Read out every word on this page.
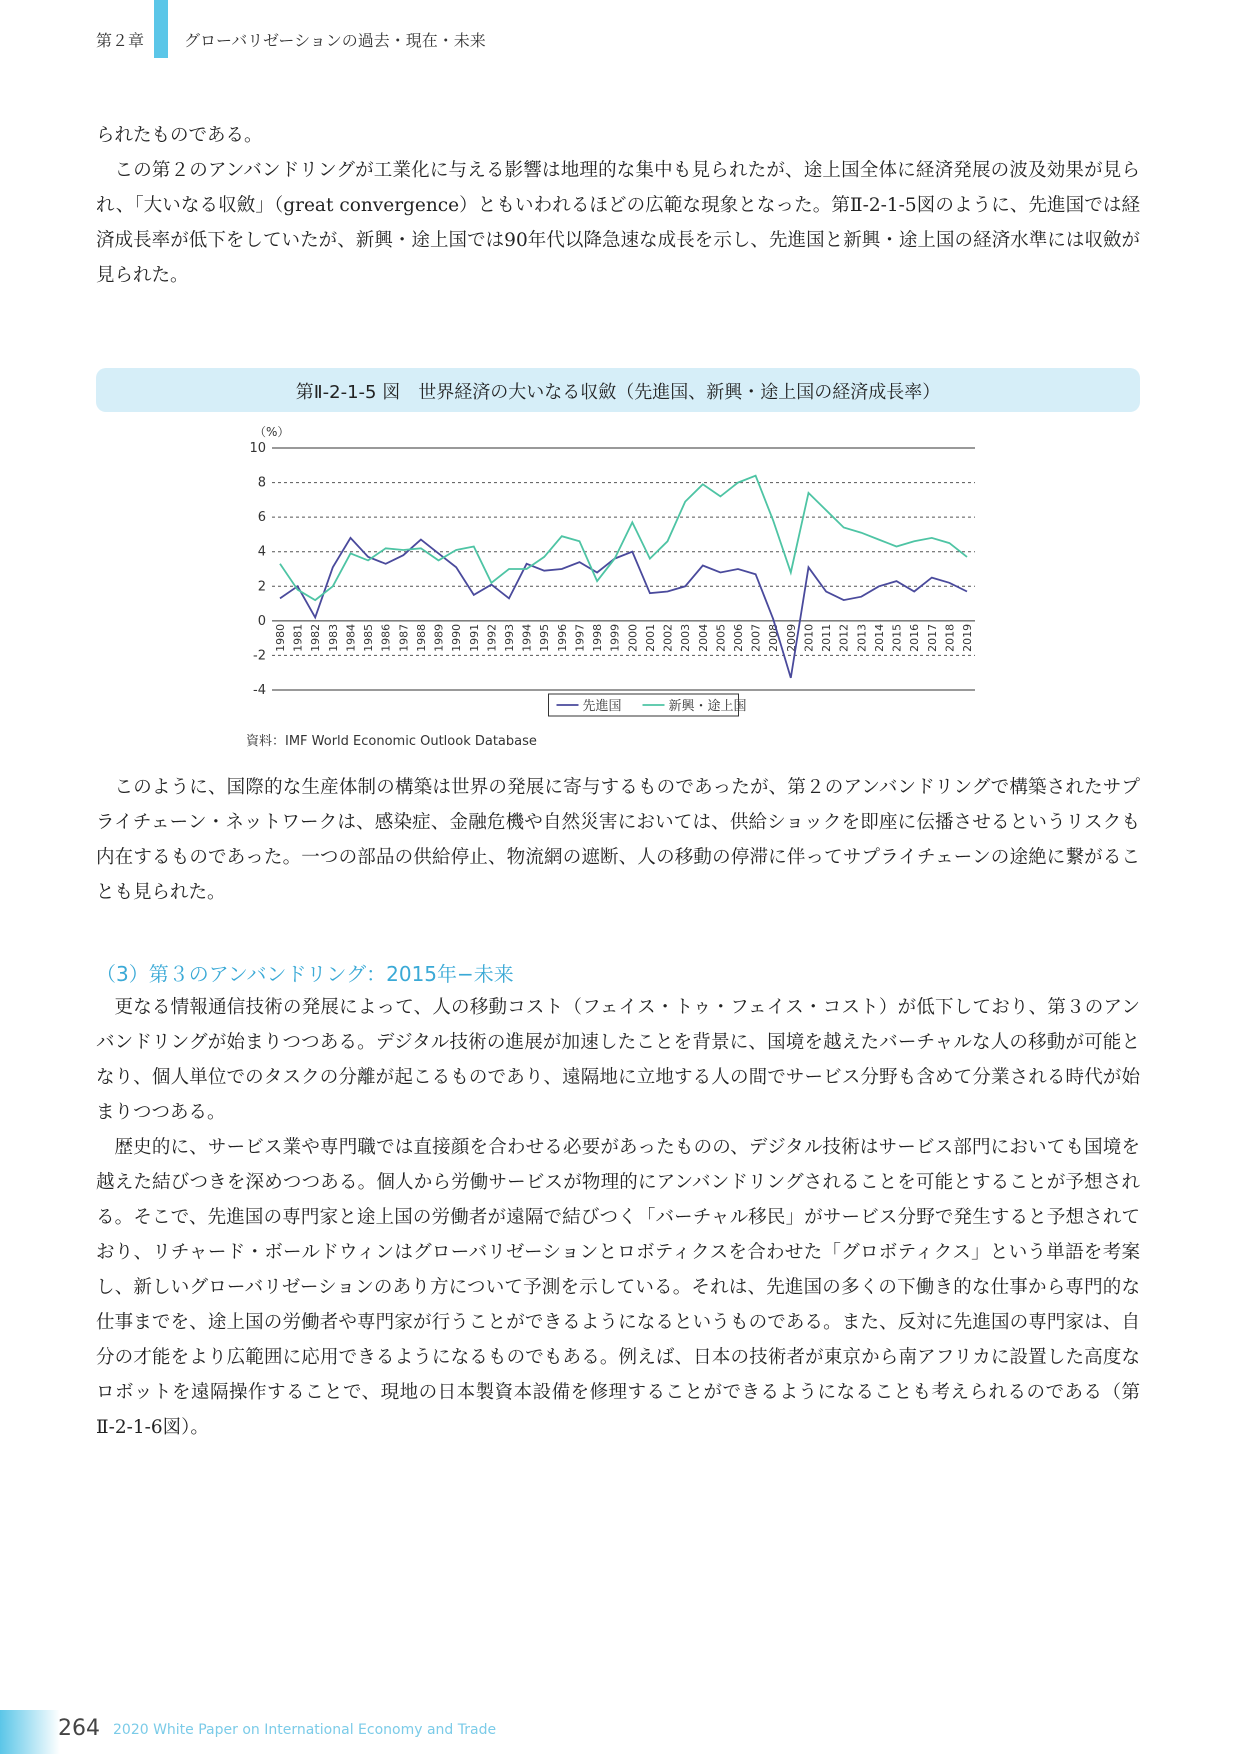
第２章 グローバリゼーションの過去・現在・未来

られたものである。

この第２のアンバンドリングが工業化に与える影響は地理的な集中も見られたが、途上国全体に経済発展の波及効果が見られ、「大いなる収斂」（great convergence）ともいわれるほどの広範な現象となった。第Ⅱ-2-1-5図のように、先進国では経済成長率が低下をしていたが、新興・途上国では90年代以降急速な成長を示し、先進国と新興・途上国の経済水準には収斂が見られた。

第Ⅱ-2-1-5 図　世界経済の大いなる収斂（先進国、新興・途上国の経済成長率）
（%）
-4
-2
0
2
4
6
8
10
1980 1981 1982 1983 1984 1985 1986 1987 1988 1989 1990 1991 1992 1993 1994 1995 1996 1997 1998 1999 2000 2001 2002 2003 2004 2005 2006 2007 2008 2009 2010 2011 2012 2013 2014 2015 2016 2017 2018 2019
先進国	新興・途上国
資料：IMF World Economic Outlook Database

このように、国際的な生産体制の構築は世界の発展に寄与するものであったが、第２のアンバンドリングで構築されたサプライチェーン・ネットワークは、感染症、金融危機や自然災害においては、供給ショックを即座に伝播させるというリスクも内在するものであった。一つの部品の供給停止、物流網の遮断、人の移動の停滞に伴ってサプライチェーンの途絶に繋がることも見られた。

（3）第３のアンバンドリング：2015年−未来

更なる情報通信技術の発展によって、人の移動コスト（フェイス・トゥ・フェイス・コスト）が低下しており、第３のアンバンドリングが始まりつつある。デジタル技術の進展が加速したことを背景に、国境を越えたバーチャルな人の移動が可能となり、個人単位でのタスクの分離が起こるものであり、遠隔地に立地する人の間でサービス分野も含めて分業される時代が始まりつつある。

歴史的に、サービス業や専門職では直接顔を合わせる必要があったものの、デジタル技術はサービス部門においても国境を越えた結びつきを深めつつある。個人から労働サービスが物理的にアンバンドリングされることを可能とすることが予想される。そこで、先進国の専門家と途上国の労働者が遠隔で結びつく「バーチャル移民」がサービス分野で発生すると予想されており、リチャード・ボールドウィンはグローバリゼーションとロボティクスを合わせた「グロボティクス」という単語を考案し、新しいグローバリゼーションのあり方について予測を示している。それは、先進国の多くの下働き的な仕事から専門的な仕事までを、途上国の労働者や専門家が行うことができるようになるというものである。また、反対に先進国の専門家は、自分の才能をより広範囲に応用できるようになるものでもある。例えば、日本の技術者が東京から南アフリカに設置した高度なロボットを遠隔操作することで、現地の日本製資本設備を修理することができるようになることも考えられるのである（第Ⅱ-2-1-6図）。

264 2020 White Paper on International Economy and Trade
